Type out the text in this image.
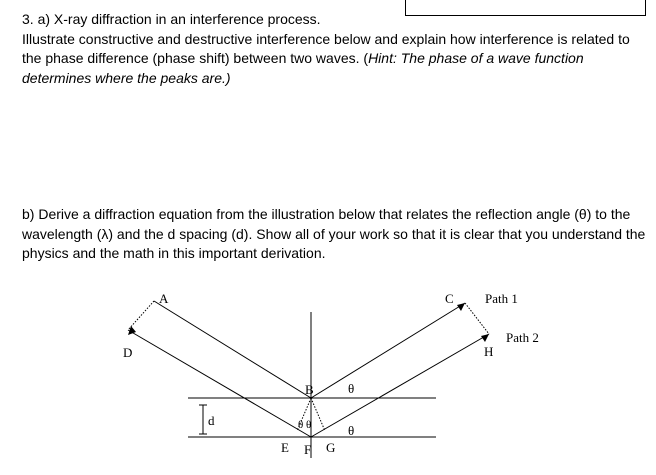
3. a) X-ray diffraction in an interference process.
Illustrate constructive and destructive interference below and explain how interference is related to the phase difference (phase shift) between two waves. (Hint: The phase of a wave function determines where the peaks are.)
b) Derive a diffraction equation from the illustration below that relates the reflection angle (θ) to the wavelength (λ) and the d spacing (d). Show all of your work so that it is clear that you understand the physics and the math in this important derivation.
A
D
B
C Path 1
Path 2
H
d
θ
θ
θ θ
E F G
